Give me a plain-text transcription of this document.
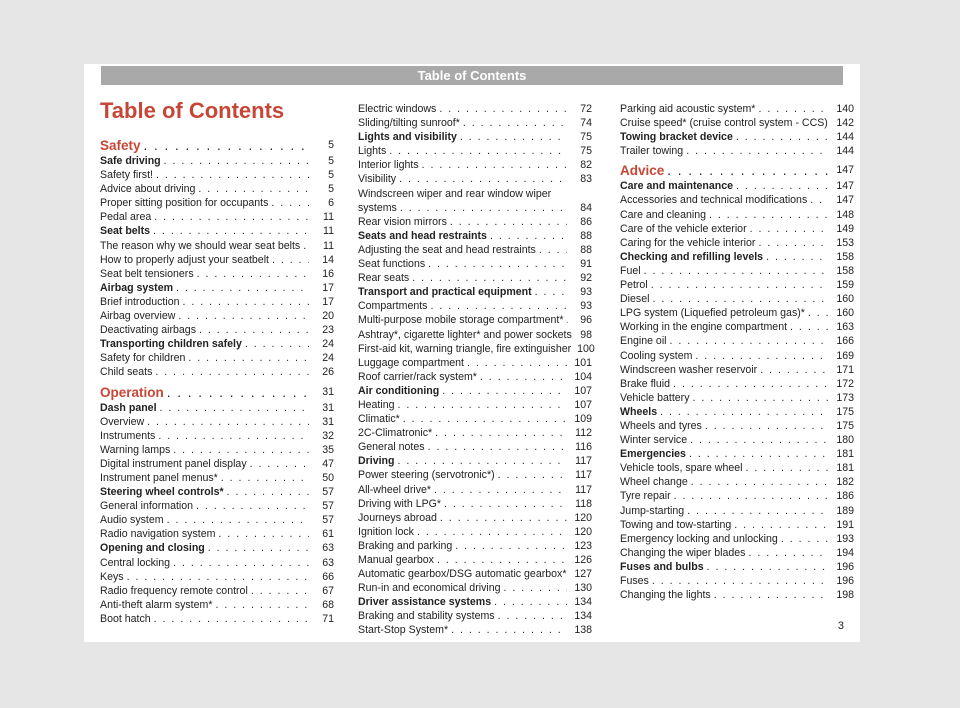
Table of Contents
Table of Contents
Safety . . .	5
Safe driving . . .	5
Safety first! . . .	5
Advice about driving . . .	5
Proper sitting position for occupants . . .	6
Pedal area . . .	11
Seat belts . . .	11
The reason why we should wear seat belts . . .	11
How to properly adjust your seatbelt . . .	14
Seat belt tensioners . . .	16
Airbag system . . .	17
Brief introduction . . .	17
Airbag overview . . .	20
Deactivating airbags . . .	23
Transporting children safely . . .	24
Safety for children . . .	24
Child seats . . .	26
Operation . . .	31
Dash panel . . .	31
Overview . . .	31
Instruments . . .	32
Warning lamps . . .	35
Digital instrument panel display . . .	47
Instrument panel menus* . . .	50
Steering wheel controls* . . .	57
General information . . .	57
Audio system . . .	57
Radio navigation system . . .	61
Opening and closing . . .	63
Central locking . . .	63
Keys . . .	66
Radio frequency remote control . . .	67
Anti-theft alarm system* . . .	68
Boot hatch . . .	71
Electric windows . . .	72
Sliding/tilting sunroof* . . .	74
Lights and visibility . . .	75
Lights . . .	75
Interior lights . . .	82
Visibility . . .	83
Windscreen wiper and rear window wiper
systems . . .	84
Rear vision mirrors . . .	86
Seats and head restraints . . .	88
Adjusting the seat and head restraints . . .	88
Seat functions . . .	91
Rear seats . . .	92
Transport and practical equipment . . .	93
Compartments . . .	93
Multi-purpose mobile storage compartment* . . .	96
Ashtray*, cigarette lighter* and power sockets 98
First-aid kit, warning triangle, fire extinguisher 100
Luggage compartment . . .	101
Roof carrier/rack system* . . .	104
Air conditioning . . .	107
Heating . . .	107
Climatic* . . .	109
2C-Climatronic* . . .	112
General notes . . .	116
Driving . . .	117
Power steering (servotronic*) . . .	117
All-wheel drive* . . .	117
Driving with LPG* . . .	118
Journeys abroad . . .	120
Ignition lock . . .	120
Braking and parking . . .	123
Manual gearbox . . .	126
Automatic gearbox/DSG automatic gearbox* 127
Run-in and economical driving . . .	130
Driver assistance systems . . .	134
Braking and stability systems . . .	134
Start-Stop System* . . .	138
Parking aid acoustic system* . . .	140
Cruise speed* (cruise control system - CCS) 142
Towing bracket device . . .	144
Trailer towing . . .	144
Advice . . .	147
Care and maintenance . . .	147
Accessories and technical modifications . . .	147
Care and cleaning . . .	148
Care of the vehicle exterior . . .	149
Caring for the vehicle interior . . .	153
Checking and refilling levels . . .	158
Fuel . . .	158
Petrol . . .	159
Diesel . . .	160
LPG system (Liquefied petroleum gas)* . . .	160
Working in the engine compartment . . .	163
Engine oil . . .	166
Cooling system . . .	169
Windscreen washer reservoir . . .	171
Brake fluid . . .	172
Vehicle battery . . .	173
Wheels . . .	175
Wheels and tyres . . .	175
Winter service . . .	180
Emergencies . . .	181
Vehicle tools, spare wheel . . .	181
Wheel change . . .	182
Tyre repair . . .	186
Jump-starting . . .	189
Towing and tow-starting . . .	191
Emergency locking and unlocking . . .	193
Changing the wiper blades . . .	194
Fuses and bulbs . . .	196
Fuses . . .	196
Changing the lights . . .	198
3
